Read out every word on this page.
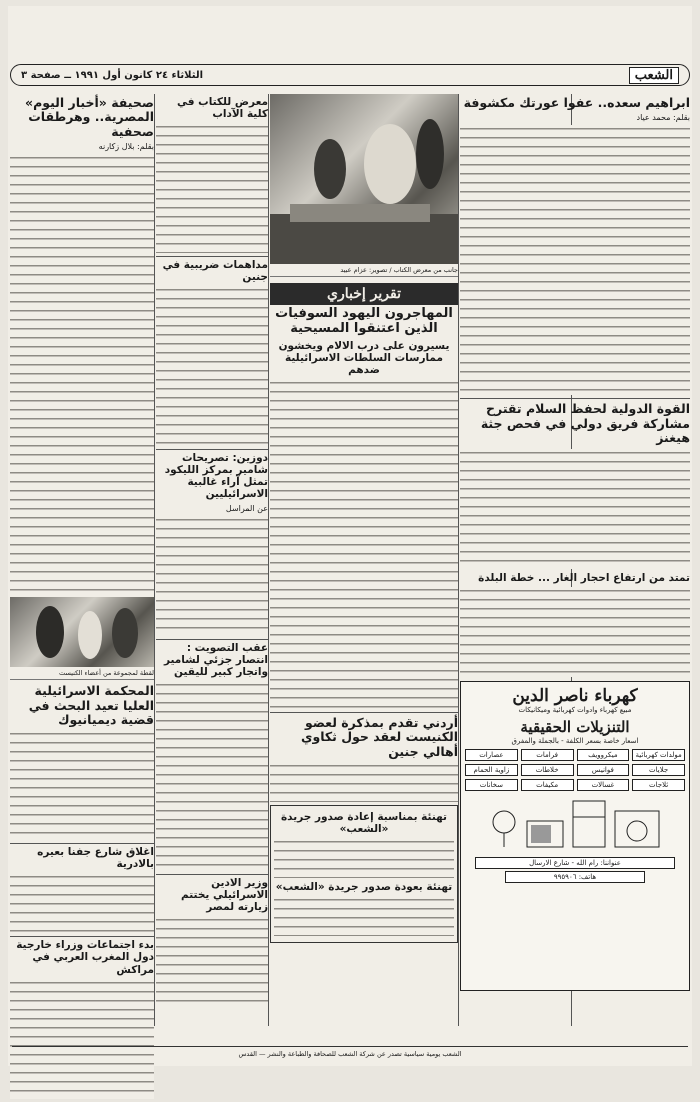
الشعب
الثلاثاء ٢٤ كانون أول ١٩٩١ ــ صفحة ٣
ابراهيم سعده.. عفوا عورتك مكشوفة
بقلم: محمد عياد
القوة الدولية لحفظ السلام تقترح مشاركة فريق دولي في فحص جثة هيغنز
تمتد من ارتفاع احجار الغار ... خطة البلدة
كهرباء ناصر الدين
مبيع كهرباء وادوات كهربائية وميكانيكات
التنزيلات الحقيقية
اسعار خاصة بسعر الكلفة - بالجملة والمفرق
مولدات كهربائية
ميكروويف
فرامات
عصارات
جلايات
فوانيس
خلاطات
زاوية الحمام
ثلاجات
غسالات
مكيفات
سخانات
عنواننا: رام الله - شارع الارسال
هاتف: ٩٩٥٩٠٦
جانب من معرض الكتاب / تصوير: عزام عبيد
تقرير إخباري
المهاجرون اليهود السوفيات الذين اعتنقوا المسيحية
يسيرون على درب الالام ويخشون ممارسات السلطات الاسرائيلية ضدهم
أردني تقدم بمذكرة لعضو الكنيست لعقد حول ثكاوي أهالي جنين
تهنئة بمناسبة إعادة صدور جريدة «الشعب»
تهنئة بعودة صدور جريدة «الشعب»
معرض للكتاب في كلية الآداب
مداهمات ضريبية في جنين
دوزين: تصريحات شامير بمركز الليكود تمثل آراء غالبية الاسرائيليين
عن المراسل
عقب التصويت : انتصار جزئي لشامير واتجار كبير لليقين
وزير الادين الاسرائيلي يختتم زيارته لمصر
صحيفة «أخبار اليوم» المصرية.. وهرطقات صحفية
بقلم: بلال زكارنه
لقطة لمجموعة من أعضاء الكنيست
المحكمة الاسرائيلية العليا تعيد البحث في قضية ديميانيوك
اغلاق شارع جفنا بعيره بالادرية
بدء اجتماعات وزراء خارجية دول المغرب العربي في مراكش
الشعب يومية سياسية تصدر عن شركة الشعب للصحافة والطباعة والنشر — القدس
